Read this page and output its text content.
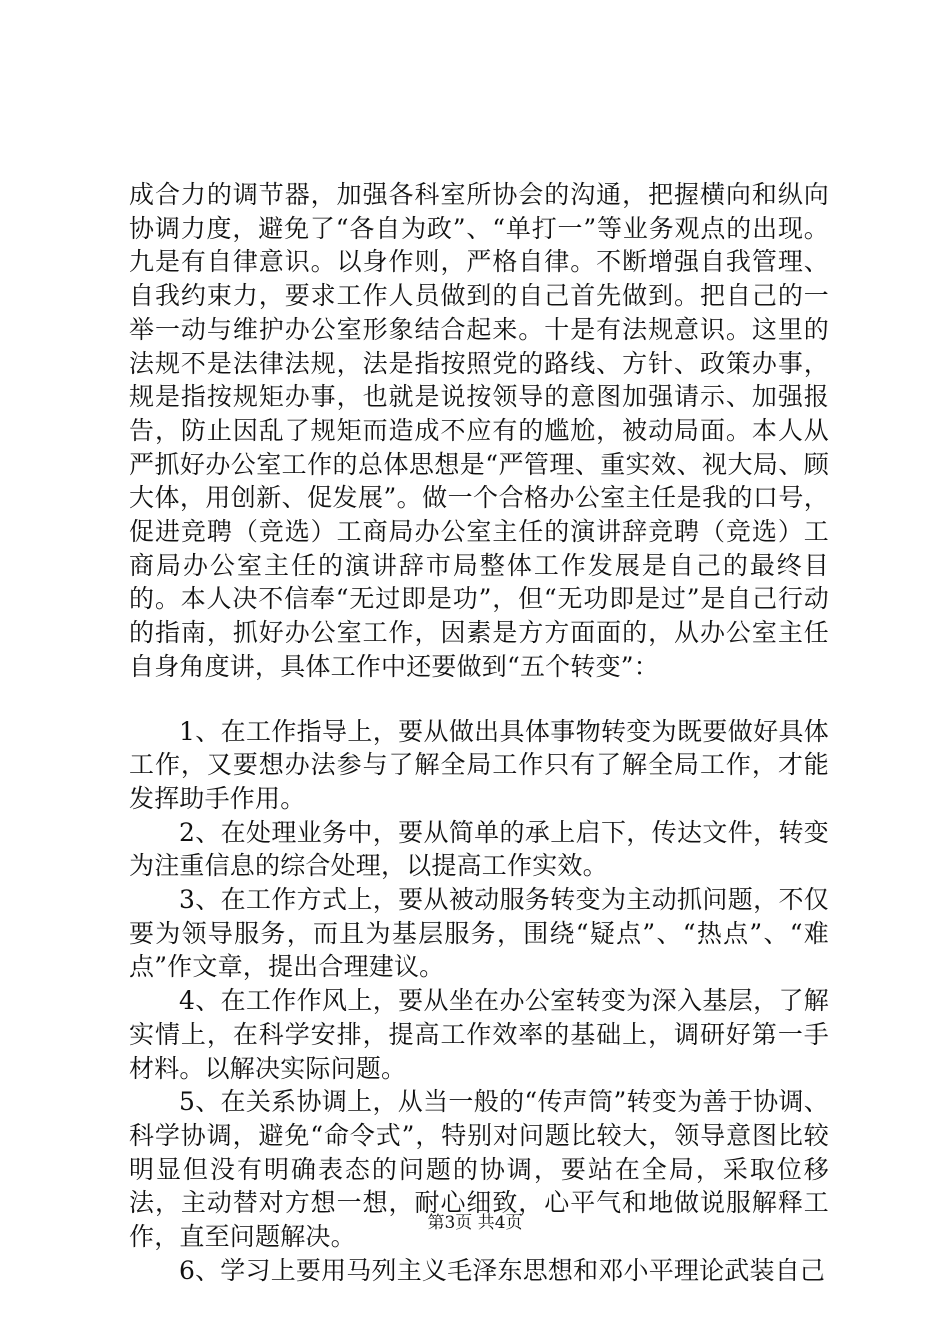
成合力的调节器，加强各科室所协会的沟通，把握横向和纵向协调力度，避免了“各自为政”、“单打一”等业务观点的出现。九是有自律意识。以身作则，严格自律。不断增强自我管理、自我约束力，要求工作人员做到的自己首先做到。把自己的一举一动与维护办公室形象结合起来。十是有法规意识。这里的法规不是法律法规，法是指按照党的路线、方针、政策办事，规是指按规矩办事，也就是说按领导的意图加强请示、加强报告，防止因乱了规矩而造成不应有的尴尬，被动局面。本人从严抓好办公室工作的总体思想是“严管理、重实效、视大局、顾大体，用创新、促发展”。做一个合格办公室主任是我的口号，促进竞聘（竞选）工商局办公室主任的演讲辞竞聘（竞选）工商局办公室主任的演讲辞市局整体工作发展是自己的最终目的。本人决不信奉“无过即是功”，但“无功即是过”是自己行动的指南，抓好办公室工作，因素是方方面面的，从办公室主任自身角度讲，具体工作中还要做到“五个转变”：

1、在工作指导上，要从做出具体事物转变为既要做好具体工作，又要想办法参与了解全局工作只有了解全局工作，才能发挥助手作用。

2、在处理业务中，要从简单的承上启下，传达文件，转变为注重信息的综合处理，以提高工作实效。

3、在工作方式上，要从被动服务转变为主动抓问题，不仅要为领导服务，而且为基层服务，围绕“疑点”、“热点”、“难点”作文章，提出合理建议。

4、在工作作风上，要从坐在办公室转变为深入基层，了解实情上，在科学安排，提高工作效率的基础上，调研好第一手材料。以解决实际问题。

5、在关系协调上，从当一般的“传声筒”转变为善于协调、科学协调，避免“命令式”，特别对问题比较大，领导意图比较明显但没有明确表态的问题的协调，要站在全局，采取位移法，主动替对方想一想，耐心细致，心平气和地做说服解释工作，直至问题解决。

6、学习上要用马列主义毛泽东思想和邓小平理论武装自己

第3页 共4页
